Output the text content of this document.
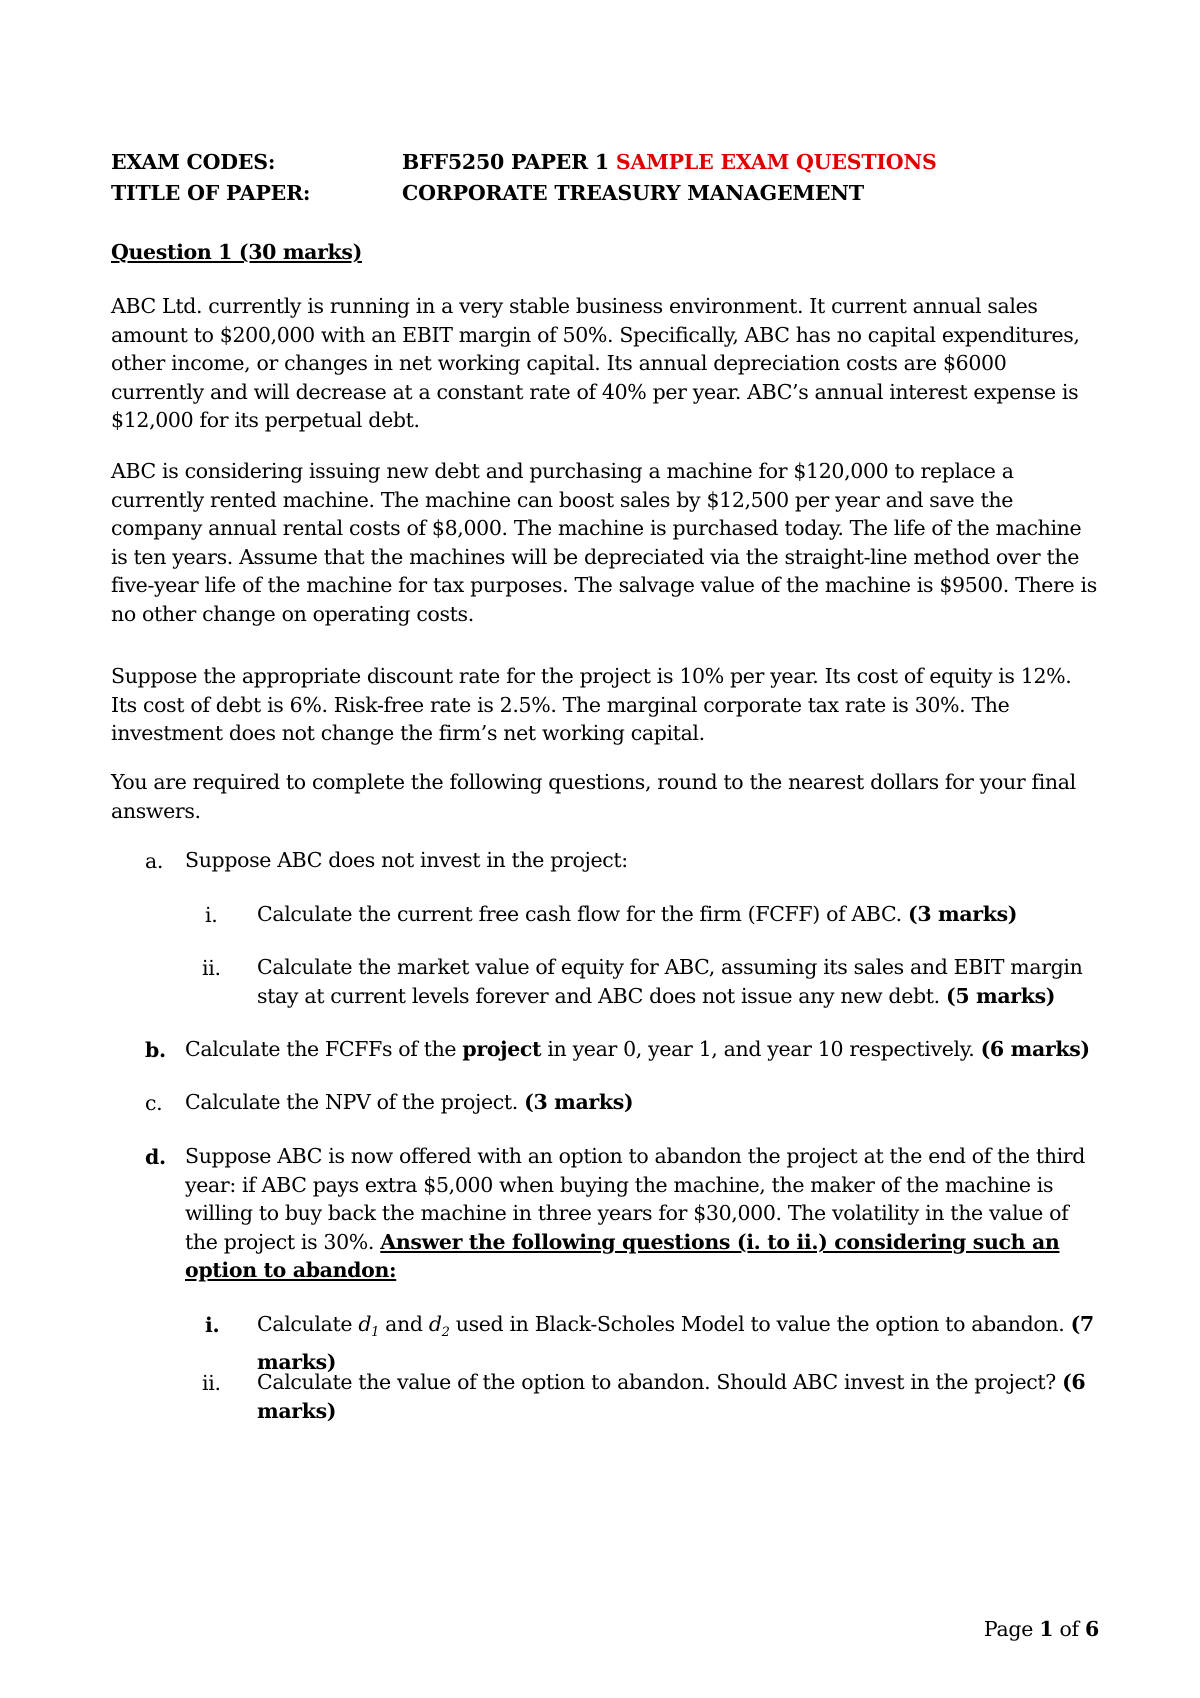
EXAM CODES:	BFF5250 PAPER 1 SAMPLE EXAM QUESTIONS
TITLE OF PAPER:	CORPORATE TREASURY MANAGEMENT
Question 1 (30 marks)
ABC Ltd. currently is running in a very stable business environment. It current annual sales amount to $200,000 with an EBIT margin of 50%. Specifically, ABC has no capital expenditures, other income, or changes in net working capital. Its annual depreciation costs are $6000 currently and will decrease at a constant rate of 40% per year. ABC’s annual interest expense is $12,000 for its perpetual debt.
ABC is considering issuing new debt and purchasing a machine for $120,000 to replace a currently rented machine. The machine can boost sales by $12,500 per year and save the company annual rental costs of $8,000. The machine is purchased today. The life of the machine is ten years. Assume that the machines will be depreciated via the straight-line method over the five-year life of the machine for tax purposes. The salvage value of the machine is $9500. There is no other change on operating costs.
Suppose the appropriate discount rate for the project is 10% per year. Its cost of equity is 12%. Its cost of debt is 6%. Risk-free rate is 2.5%. The marginal corporate tax rate is 30%. The investment does not change the firm’s net working capital.
You are required to complete the following questions, round to the nearest dollars for your final answers.
a. Suppose ABC does not invest in the project:
i. Calculate the current free cash flow for the firm (FCFF) of ABC. (3 marks)
ii. Calculate the market value of equity for ABC, assuming its sales and EBIT margin stay at current levels forever and ABC does not issue any new debt. (5 marks)
b. Calculate the FCFFs of the project in year 0, year 1, and year 10 respectively. (6 marks)
c. Calculate the NPV of the project. (3 marks)
d. Suppose ABC is now offered with an option to abandon the project at the end of the third year: if ABC pays extra $5,000 when buying the machine, the maker of the machine is willing to buy back the machine in three years for $30,000. The volatility in the value of the project is 30%. Answer the following questions (i. to ii.) considering such an option to abandon:
i. Calculate $d_1$ and $d_2$ used in Black-Scholes Model to value the option to abandon. (7 marks)
ii. Calculate the value of the option to abandon. Should ABC invest in the project? (6 marks)
Page 1 of 6
